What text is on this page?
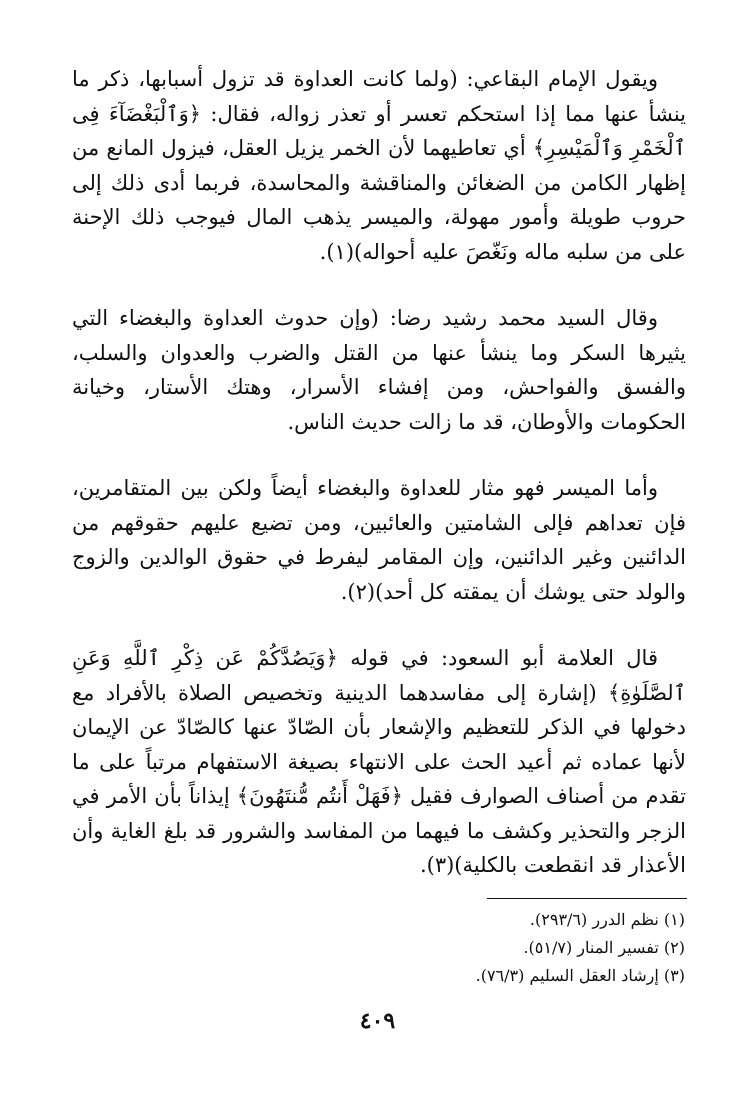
ويقول الإمام البقاعي: (ولما كانت العداوة قد تزول أسبابها، ذكر ما ينشأ عنها مما إذا استحكم تعسر أو تعذر زواله، فقال: ﴿وَٱلْبَغْضَآءَ فِى ٱلْخَمْرِ وَٱلْمَيْسِرِ﴾ أي تعاطيهما لأن الخمر يزيل العقل، فيزول المانع من إظهار الكامن من الضغائن والمناقشة والمحاسدة، فربما أدى ذلك إلى حروب طويلة وأمور مهولة، والميسر يذهب المال فيوجب ذلك الإحنة على من سلبه ماله ونَغّصَ عليه أحواله)(١).

وقال السيد محمد رشيد رضا: (وإن حدوث العداوة والبغضاء التي يثيرها السكر وما ينشأ عنها من القتل والضرب والعدوان والسلب، والفسق والفواحش، ومن إفشاء الأسرار، وهتك الأستار، وخيانة الحكومات والأوطان، قد ما زالت حديث الناس.

وأما الميسر فهو مثار للعداوة والبغضاء أيضاً ولكن بين المتقامرين، فإن تعداهم فإلى الشامتين والعائبين، ومن تضيع عليهم حقوقهم من الدائنين وغير الدائنين، وإن المقامر ليفرط في حقوق الوالدين والزوج والولد حتى يوشك أن يمقته كل أحد)(٢).

قال العلامة أبو السعود: في قوله ﴿وَيَصُدَّكُمْ عَن ذِكْرِ ٱللَّهِ وَعَنِ ٱلصَّلَوٰةِ﴾ (إشارة إلى مفاسدهما الدينية وتخصيص الصلاة بالأفراد مع دخولها في الذكر للتعظيم والإشعار بأن الصّادّ عنها كالصّادّ عن الإيمان لأنها عماده ثم أعيد الحث على الانتهاء بصيغة الاستفهام مرتباً على ما تقدم من أصناف الصوارف فقيل ﴿فَهَلْ أَنتُم مُّنتَهُونَ﴾ إيذاناً بأن الأمر في الزجر والتحذير وكشف ما فيهما من المفاسد والشرور قد بلغ الغاية وأن الأعذار قد انقطعت بالكلية)(٣).

(١) نظم الدرر (٢٩٣/٦).
(٢) تفسير المنار (٥١/٧).
(٣) إرشاد العقل السليم (٧٦/٣).
٤٠٩
